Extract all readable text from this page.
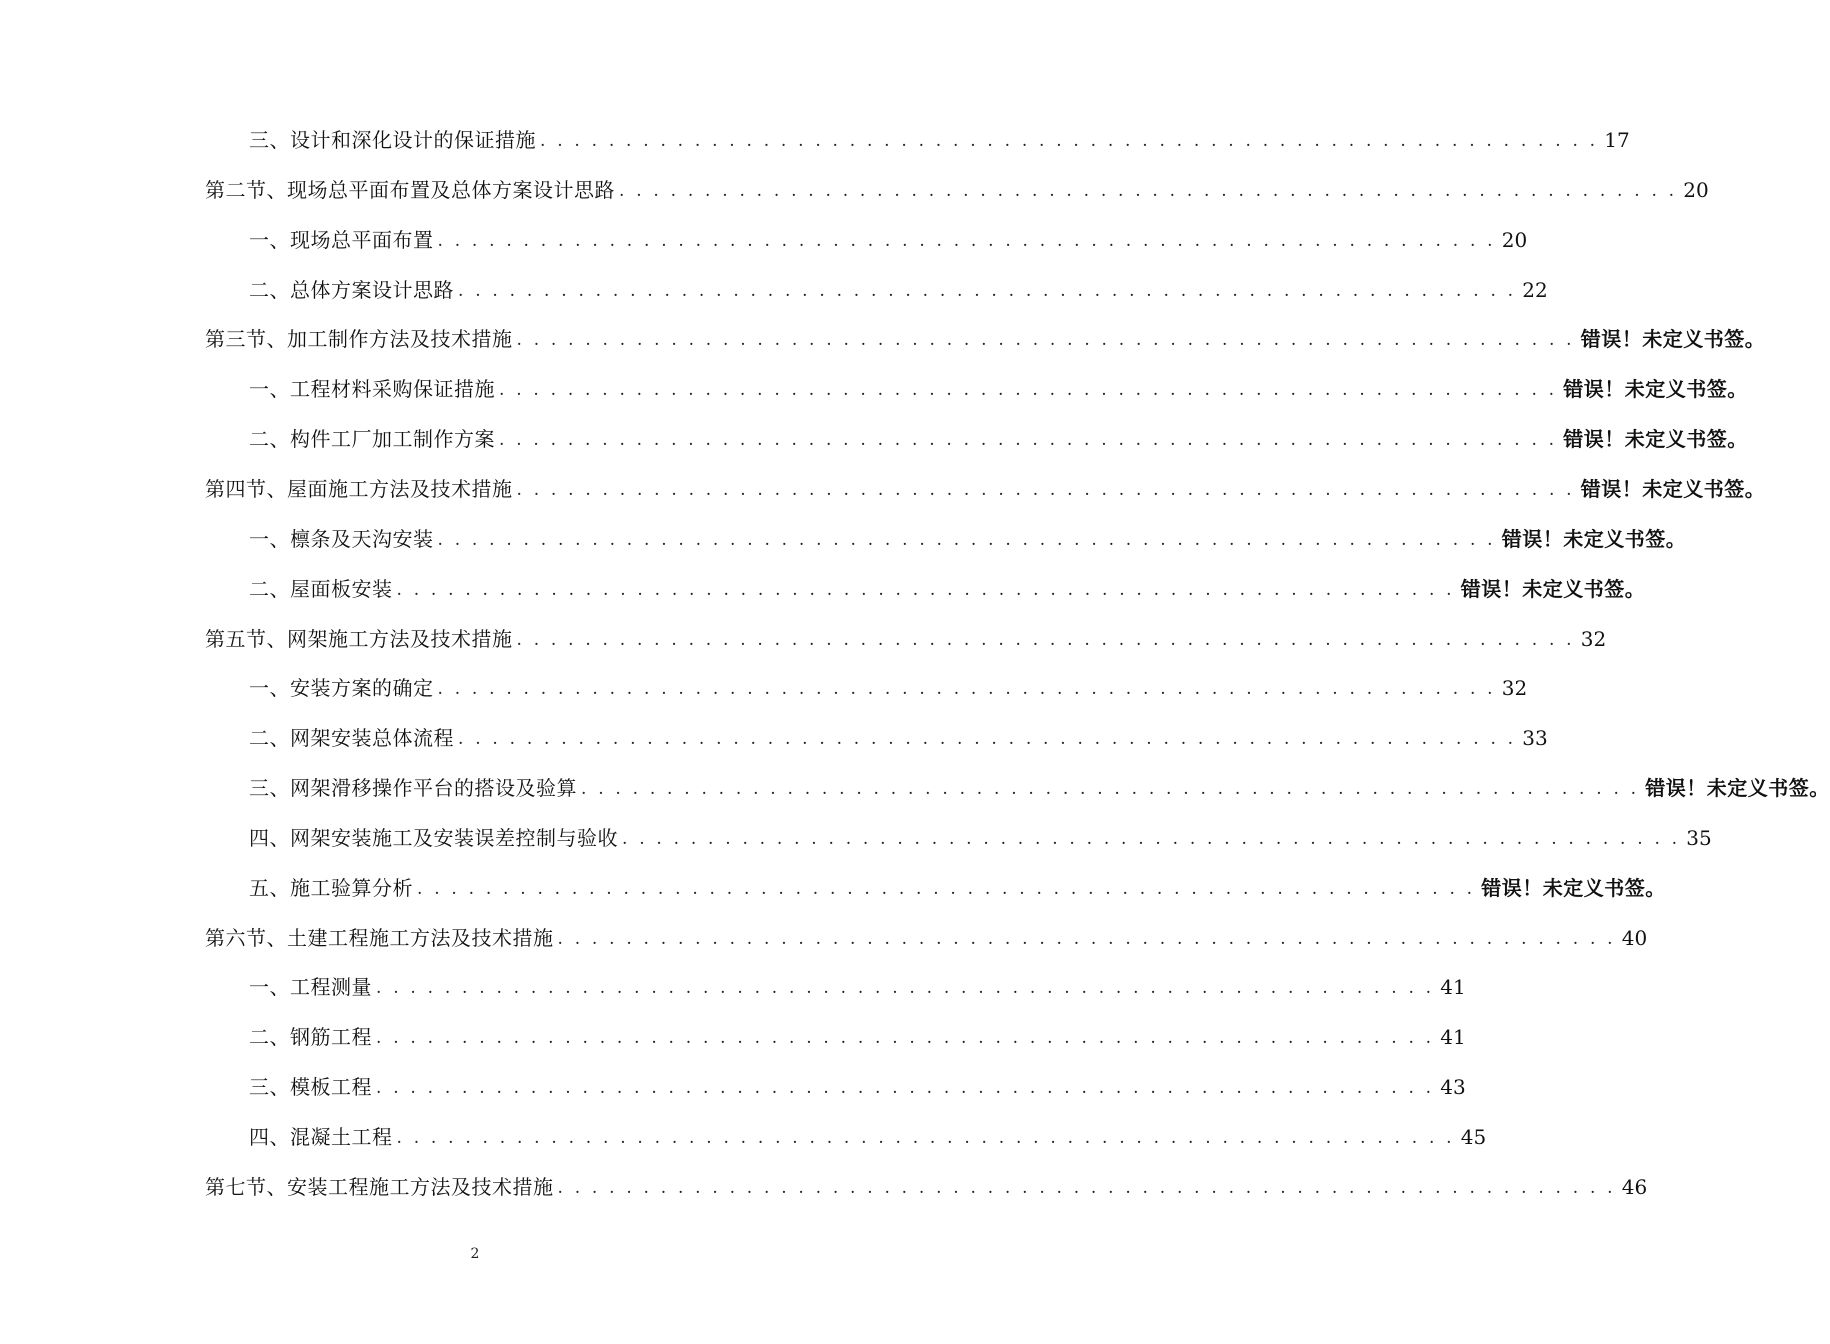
三、设计和深化设计的保证措施 . . . . . . . . . . . . . . . . . . . . . . . . . . . . . . . . . . . . . . . . . . . . . . . . . . . . . . . . . . . . . . 17
第二节、现场总平面布置及总体方案设计思路 . . . . . . . . . . . . . . . . . . . . . . . . . . . . . . . . . . . . . . . . . . . . . . . . . . . . . . . . . . . . . . 20
一、现场总平面布置 . . . . . . . . . . . . . . . . . . . . . . . . . . . . . . . . . . . . . . . . . . . . . . . . . . . . . . . . . . . . . . 20
二、总体方案设计思路 . . . . . . . . . . . . . . . . . . . . . . . . . . . . . . . . . . . . . . . . . . . . . . . . . . . . . . . . . . . . . . 22
第三节、加工制作方法及技术措施 . . . . . . . . . . . . . . . . . . . . . . . . . . . . . . . . . . . . . . . . . . . . . . . . . . . . . . . . . . . . . . 错误！未定义书签。
一、工程材料采购保证措施 . . . . . . . . . . . . . . . . . . . . . . . . . . . . . . . . . . . . . . . . . . . . . . . . . . . . . . . . . . . . . . 错误！未定义书签。
二、构件工厂加工制作方案 . . . . . . . . . . . . . . . . . . . . . . . . . . . . . . . . . . . . . . . . . . . . . . . . . . . . . . . . . . . . . . 错误！未定义书签。
第四节、屋面施工方法及技术措施 . . . . . . . . . . . . . . . . . . . . . . . . . . . . . . . . . . . . . . . . . . . . . . . . . . . . . . . . . . . . . . 错误！未定义书签。
一、檩条及天沟安装 . . . . . . . . . . . . . . . . . . . . . . . . . . . . . . . . . . . . . . . . . . . . . . . . . . . . . . . . . . . . . . 错误！未定义书签。
二、屋面板安装 . . . . . . . . . . . . . . . . . . . . . . . . . . . . . . . . . . . . . . . . . . . . . . . . . . . . . . . . . . . . . . 错误！未定义书签。
第五节、网架施工方法及技术措施 . . . . . . . . . . . . . . . . . . . . . . . . . . . . . . . . . . . . . . . . . . . . . . . . . . . . . . . . . . . . . . 32
一、安装方案的确定 . . . . . . . . . . . . . . . . . . . . . . . . . . . . . . . . . . . . . . . . . . . . . . . . . . . . . . . . . . . . . . 32
二、网架安装总体流程 . . . . . . . . . . . . . . . . . . . . . . . . . . . . . . . . . . . . . . . . . . . . . . . . . . . . . . . . . . . . . . 33
三、网架滑移操作平台的搭设及验算 . . . . . . . . . . . . . . . . . . . . . . . . . . . . . . . . . . . . . . . . . . . . . . . . . . . . . . . . . . . . . . 错误！未定义书签。
四、网架安装施工及安装误差控制与验收 . . . . . . . . . . . . . . . . . . . . . . . . . . . . . . . . . . . . . . . . . . . . . . . . . . . . . . . . . . . . . . 35
五、施工验算分析 . . . . . . . . . . . . . . . . . . . . . . . . . . . . . . . . . . . . . . . . . . . . . . . . . . . . . . . . . . . . . . 错误！未定义书签。
第六节、土建工程施工方法及技术措施 . . . . . . . . . . . . . . . . . . . . . . . . . . . . . . . . . . . . . . . . . . . . . . . . . . . . . . . . . . . . . . 40
一、工程测量 . . . . . . . . . . . . . . . . . . . . . . . . . . . . . . . . . . . . . . . . . . . . . . . . . . . . . . . . . . . . . . 41
二、钢筋工程 . . . . . . . . . . . . . . . . . . . . . . . . . . . . . . . . . . . . . . . . . . . . . . . . . . . . . . . . . . . . . . 41
三、模板工程 . . . . . . . . . . . . . . . . . . . . . . . . . . . . . . . . . . . . . . . . . . . . . . . . . . . . . . . . . . . . . . 43
四、混凝土工程 . . . . . . . . . . . . . . . . . . . . . . . . . . . . . . . . . . . . . . . . . . . . . . . . . . . . . . . . . . . . . . 45
第七节、安装工程施工方法及技术措施 . . . . . . . . . . . . . . . . . . . . . . . . . . . . . . . . . . . . . . . . . . . . . . . . . . . . . . . . . . . . . . 46
2
